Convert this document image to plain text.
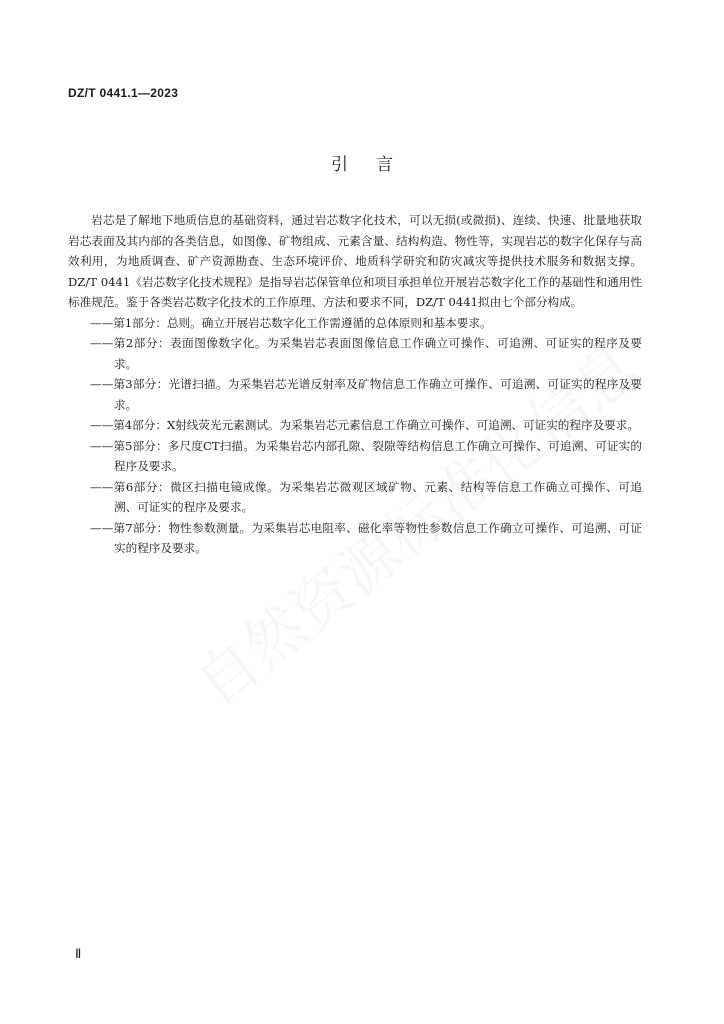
DZ/T 0441.1—2023
引言

岩芯是了解地下地质信息的基础资料，通过岩芯数字化技术，可以无损(或微损)、连续、快速、批量地获取岩芯表面及其内部的各类信息，如图像、矿物组成、元素含量、结构构造、物性等，实现岩芯的数字化保存与高效利用，为地质调查、矿产资源勘查、生态环境评价、地质科学研究和防灾减灾等提供技术服务和数据支撑。DZ/T 0441《岩芯数字化技术规程》是指导岩芯保管单位和项目承担单位开展岩芯数字化工作的基础性和通用性标准规范。鉴于各类岩芯数字化技术的工作原理、方法和要求不同，DZ/T 0441拟由七个部分构成。

——第1部分：总则。确立开展岩芯数字化工作需遵循的总体原则和基本要求。

——第2部分：表面图像数字化。为采集岩芯表面图像信息工作确立可操作、可追溯、可证实的程序及要求。

——第3部分：光谱扫描。为采集岩芯光谱反射率及矿物信息工作确立可操作、可追溯、可证实的程序及要求。

——第4部分：X射线荧光元素测试。为采集岩芯元素信息工作确立可操作、可追溯、可证实的程序及要求。

——第5部分：多尺度CT扫描。为采集岩芯内部孔隙、裂隙等结构信息工作确立可操作、可追溯、可证实的程序及要求。

——第6部分：微区扫描电镜成像。为采集岩芯微观区域矿物、元素、结构等信息工作确立可操作、可追溯、可证实的程序及要求。

——第7部分：物性参数测量。为采集岩芯电阻率、磁化率等物性参数信息工作确立可操作、可追溯、可证实的程序及要求。

Ⅱ
